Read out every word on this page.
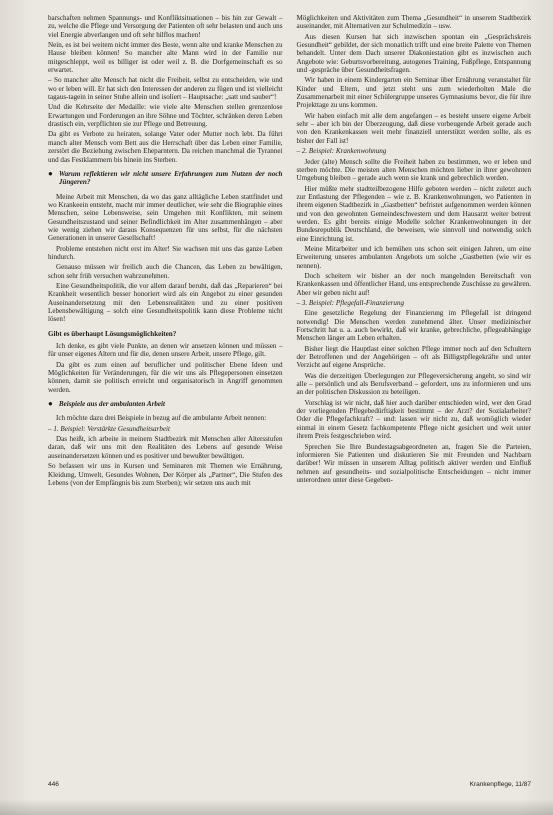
barschaften nehmen Spannungs- und Konfliktsituationen – bis hin zur Gewalt – zu, welche die Pflege und Versorgung der Patienten oft sehr belasten und auch uns viel Energie abverlangen und oft sehr hilflos machen!

Nein, es ist bei weitem nicht immer des Beste, wenn alte und kranke Menschen zu Hause bleiben können! So mancher alte Mann wird in der Familie nur mitgeschleppt, weil es billiger ist oder weil z. B. die Dorfgemeinschaft es so erwartet.

– So mancher alte Mensch hat nicht die Freiheit, selbst zu entscheiden, wie und wo er leben will. Er hat sich den Interessen der anderen zu fügen und ist vielleicht tagaus-tagein in seiner Stube allein und isoliert – Hauptsache: „satt und sauber“!

Und die Kehrseite der Medaille: wie viele alte Menschen stellen grenzenlose Erwartungen und Forderungen an ihre Söhne und Töchter, schränken deren Leben drastisch ein, verpflichten sie zur Pflege und Betreuung.

Da gibt es Verbote zu heiraten, solange Vater oder Mutter noch lebt. Da führt manch alter Mensch vom Bett aus die Herrschaft über das Leben einer Familie, zerstört die Beziehung zwischen Eheparntern. Da reichen manchmal die Tyrannei und das Festklammern bis hinein ins Sterben.

● Warum reflektieren wir nicht unsere Erfahrungen zum Nutzen der noch Jüngeren?

Meine Arbeit mit Menschen, da wo das ganz alltägliche Leben stattfindet und wo Krankeein entsteht, macht mir immer deutlicher, wie sehr die Biographie eines Menschen, seine Lebensweise, sein Umgehen mit Konflikten, mit seinem Gesundheitszustand und seiner Befindlichkeit im Alter zusammenhängen – aber wie wenig ziehen wir daraus Konsequenzen für uns selbst, für die nächsten Generationen in unserer Gesellschaft!

Probleme entstehen nicht erst im Alter! Sie wachsen mit uns das ganze Leben hindurch.

Genauso müssen wir freilich auch die Chancen, das Leben zu bewältigen, schon sehr früh versuchen wahrzunehmen.

Eine Gesundheitspolitik, die vor allem darauf beruht, daß das „Reparieren“ bei Krankheit wesentlich besser honoriert wird als ein Angebot zu einer gesunden Auseinandersetzung mit den Lebensrealitäten und zu einer positiven Lebensbewältigung – solch eine Gesundheitspolitik kann diese Probleme nicht lösen!

Gibt es überhaupt Lösungsmöglichkeiten?

Ich denke, es gibt viele Punkte, an denen wir ansetzen können und müssen – für unser eigenes Altern und für die, denen unsere Arbeit, unsere Pflege, gilt.

Da gibt es zum einen auf beruflicher und politischer Ebene Ideen und Möglichkeiten für Veränderungen, für die wir uns als Pflegepersonen einsetzen können, damit sie politisch erreicht und organisatorisch in Angriff genommen werden.

● Beispiele aus der ambulanten Arbeit

Ich möchte dazu drei Beispiele in bezug auf die ambulante Arbeit nennen:

– 1. Beispiel: Verstärkte Gesundheitsarbeit

Das heißt, ich arbeite in meinem Stadtbezirk mit Menschen aller Altersstufen daran, daß wir uns mit den Realitäten des Lebens auf gesunde Weise auseinandersetzen können und es positiver und bewußter bewältigen.

So befassen wir uns in Kursen und Seminaren mit Themen wie Ernährung, Kleidung, Umwelt, Gesundes Wohnen, Der Körper als „Partner“, Die Stufen des Lebens (von der Empfängnis bis zum Sterben); wir setzen uns auch mit

Möglichkeiten und Aktivitäten zum Thema „Gesundheit“ in unserem Stadtbezirk auseinander, mit Alternativen zur Schulmedizin – usw.

Aus diesen Kursen hat sich inzwischen spontan ein „Gesprächskreis Gesundheit“ gebildet, der sich monatlich trifft und eine breite Palette von Themen behandelt. Unter dem Dach unserer Diakoniestation gibt es inzwischen auch Angebote wie: Geburtsvorbereitung, autogenes Training, Fußpflege, Entspannung und -gespräche über Gesundheitsfragen.

Wir haben in einem Kindergarten ein Seminar über Ernährung veranstaltet für Kinder und Eltern, und jetzt steht uns zum wiederholten Male die Zusammenarbeit mit einer Schülergruppe unseres Gymnasiums bevor, die für ihre Projekttage zu uns kommen.

Wir haben einfach mit alle dem angefangen – es besteht unsere eigene Arbeit sehr – aber ich bin der Überzeugung, daß diese vorbeugende Arbeit gerade auch von den Krankenkassen weit mehr finanziell unterstützt werden sollte, als es bisher der Fall ist!

– 2. Beispiel: Krankenwohnung

Jeder (alte) Mensch sollte die Freiheit haben zu bestimmen, wo er leben und sterben möchte. Die meisten alten Menschen möchten lieber in ihrer gewohnten Umgebung bleiben – gerade auch wenn sie krank und gebrechlich werden.

Hier müßte mehr stadtteilbezogene Hilfe geboten werden – nicht zuletzt auch zur Entlastung der Pflegenden – wie z. B. Krankenwohnungen, wo Patienten in ihrem eigenen Stadtbezirk in „Gastbetten“ befristet aufgenommen werden können und von den gewohnten Gemeindeschwestern und dem Hausarzt weiter betreut werden. Es gibt bereits einige Modelle solcher Krankenwohnungen in der Bundesrepublik Deutschland, die beweisen, wie sinnvoll und notwendig solch eine Einrichtung ist.

Meine Mitarbeiter und ich bemühen uns schon seit einigen Jahren, um eine Erweiterung unseres ambulanten Angebots um solche „Gastbetten (wie wir es nennen).

Doch scheitern wir bisher an der noch mangelnden Bereitschaft von Krankenkassen und öffentlicher Hand, uns entsprechende Zuschüsse zu gewähren. Aber wir geben nicht auf!

– 3. Beispiel: Pflegefall-Finanzierung

Eine gesetzliche Regelung der Finanzierung im Pflegefall ist dringend notwendig! Die Menschen werden zunehmend älter. Unser medizinischer Fortschritt hat u. a. auch bewirkt, daß wir kranke, gebrechliche, pflegeabhängige Menschen länger am Leben erhalten.

Bisher liegt die Hauptlast einer solchen Pflege immer noch auf den Schultern der Betroffenen und der Angehörigen – oft als Billigstpflegekräfte und unter Verzicht auf eigene Ansprüche.

Was die derzeitigen Überlegungen zur Pflegeversicherung angeht, so sind wir alle – persönlich und als Berufsverband – gefordert, uns zu informieren und uns an der politischen Diskussion zu beteiligen.

Vorschlag ist wir nicht, daß hier auch darüber entschieden wird, wer den Grad der vorliegenden Pflegebedürftigkeit bestimmt – der Arzt? der Sozialarbeiter? Oder die Pflegefachkraft? – und: lassen wir nicht zu, daß womöglich wieder einmal in einem Gesetz fachkompetente Pflege nicht gesichert und weit unter ihrem Preis festgeschrieben wird.

Sprechen Sie Ihre Bundestagsabgeordneten an, fragen Sie die Parteien, informieren Sie Patienten und diskutieren Sie mit Freunden und Nachbarn darüber! Wir müssen in unserem Alltag politisch aktiver werden und Einfluß nehmen auf gesundheits- und sozialpolitische Entscheidungen – nicht immer unterordnen unter diese Gegeben-

446	Krankenpflege, 11/87
